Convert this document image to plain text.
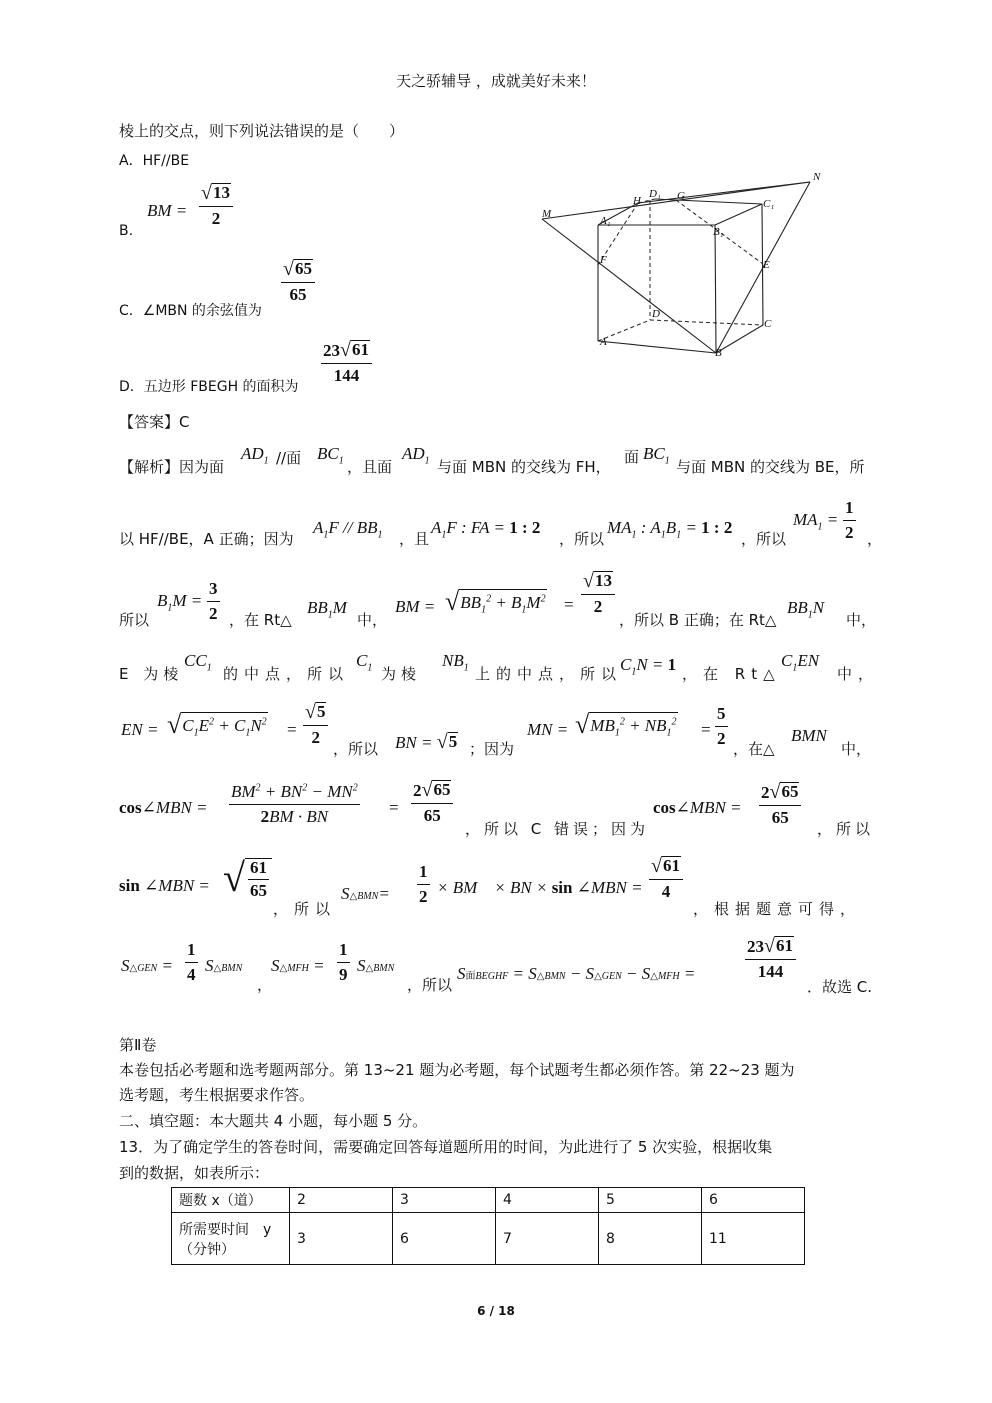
天之骄辅导 ，成就美好未来！
棱上的交点，则下列说法错误的是（　　）
A．HF//BE
B.
BM = $\frac{√ 13}{2}$
C．∠MBN 的余弦值为
$\frac{√ 65}{65}$
D．五边形 FBEGH 的面积为
$\frac{23 √ 61}{144}$
M
N
H
D₁ G
C₁
A₁
B₁
F	E
D
C
A
B
【答案】C
【解析】因为面
$AD_1$ //面 $BC_1$ ，且面
$AD_1$ 与面 MBN 的交线为 FH，
面 $BC_1$ 与面 MBN 的交线为 BE，所
以 HF//BE，A 正确；因为
$A_1F // BB_1$ ，且
$A_1F$ : FA = 1 : 2
，所以
$MA_1$ : $A_1B_1 = 1$ : 2
，所以
$MA_1 = \frac{1}{2}$ ，
所以
$B_1M = \frac{3}{2}$ ，在 Rt△
$BB_1M$
中，
BM = √ $BB_1^2 + B_1M^2 = \frac{√ 13}{2}$
，所以 B 正确；在 Rt△
$BB_1N$
中，
E 为棱
$CC_1$ 的中点，所以
$C_1$ 为棱
$NB_1$ 上的中点，所以
$C_1N = 1$ ，在 Rt△
$C_1EN$
中，
EN = √ $C_1E^2 + C_1N^2 = \frac{√ 5}{2}$
，所以 BN = √ 5 ；因为
MN = √ $MB_1^2 + NB_1^2 = \frac{5}{2}$ ，在△
BMN
中，
cos∠MBN = $\frac{BM^2 + BN^2 - MN^2}{2BM \cdot BN} = \frac{2 √ 65}{65}$
，所以 C 错误；因为
cos∠MBN = $\frac{2 √ 65}{65}$
，所以
sin ∠MBN = √ $\frac{61}{65}$
，所以
S△BMN= $\frac{1}{2}$ × BM    × BN × sin ∠MBN = $\frac{√ 61}{4}$
，根据题意可得，
S△GEN = $\frac{1}{4}$ S△BMN
，
S△MFH = $\frac{1}{9}$ S△BMN
，所以
S面BEGHF = S△BMN − S△GEN − S△MFH =	$\frac{23 √ 61}{144}$
．故选 C.
第Ⅱ卷
本卷包括必考题和选考题两部分。第 13~21 题为必考题，每个试题考生都必须作答。第 22~23 题为
选考题，考生根据要求作答。
二、填空题：本大题共 4 小题，每小题 5 分。
13．为了确定学生的答卷时间，需要确定回答每道题所用的时间，为此进行了 5 次实验，根据收集
到的数据，如表所示：
题数 x（道）	2	3	4	5	6

所需要时间　y
（分钟）	3	6	7	8	11
6 / 18
